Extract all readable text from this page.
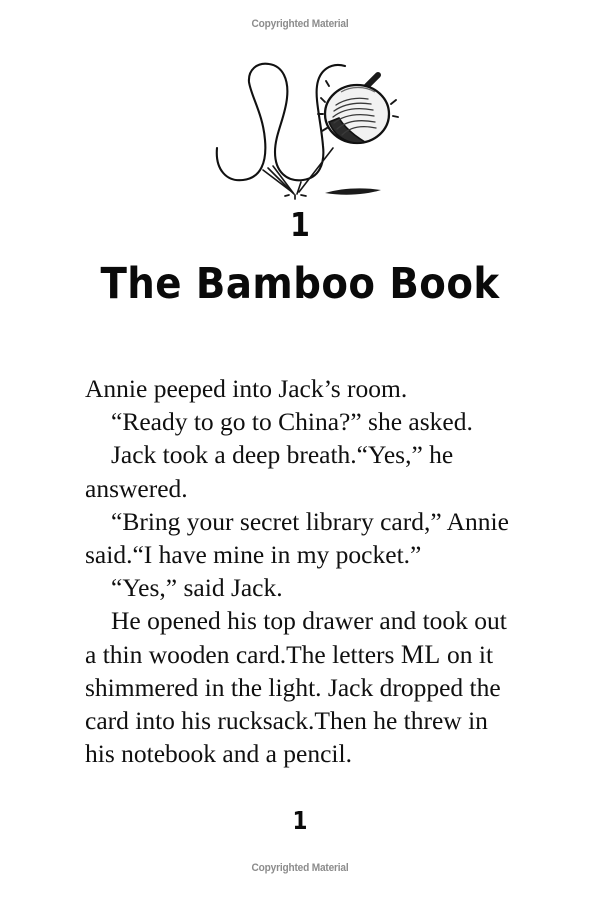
Copyrighted Material
1
The Bamboo Book

Annie peeped into Jack’s room.

“Ready to go to China?” she asked.

Jack took a deep breath.“Yes,” he answered.

“Bring your secret library card,” Annie said.“I have mine in my pocket.”

“Yes,” said Jack.

He opened his top drawer and took out a thin wooden card.The letters ML on it shimmered in the light. Jack dropped the card into his rucksack.Then he threw in his notebook and a pencil.

1
Copyrighted Material
